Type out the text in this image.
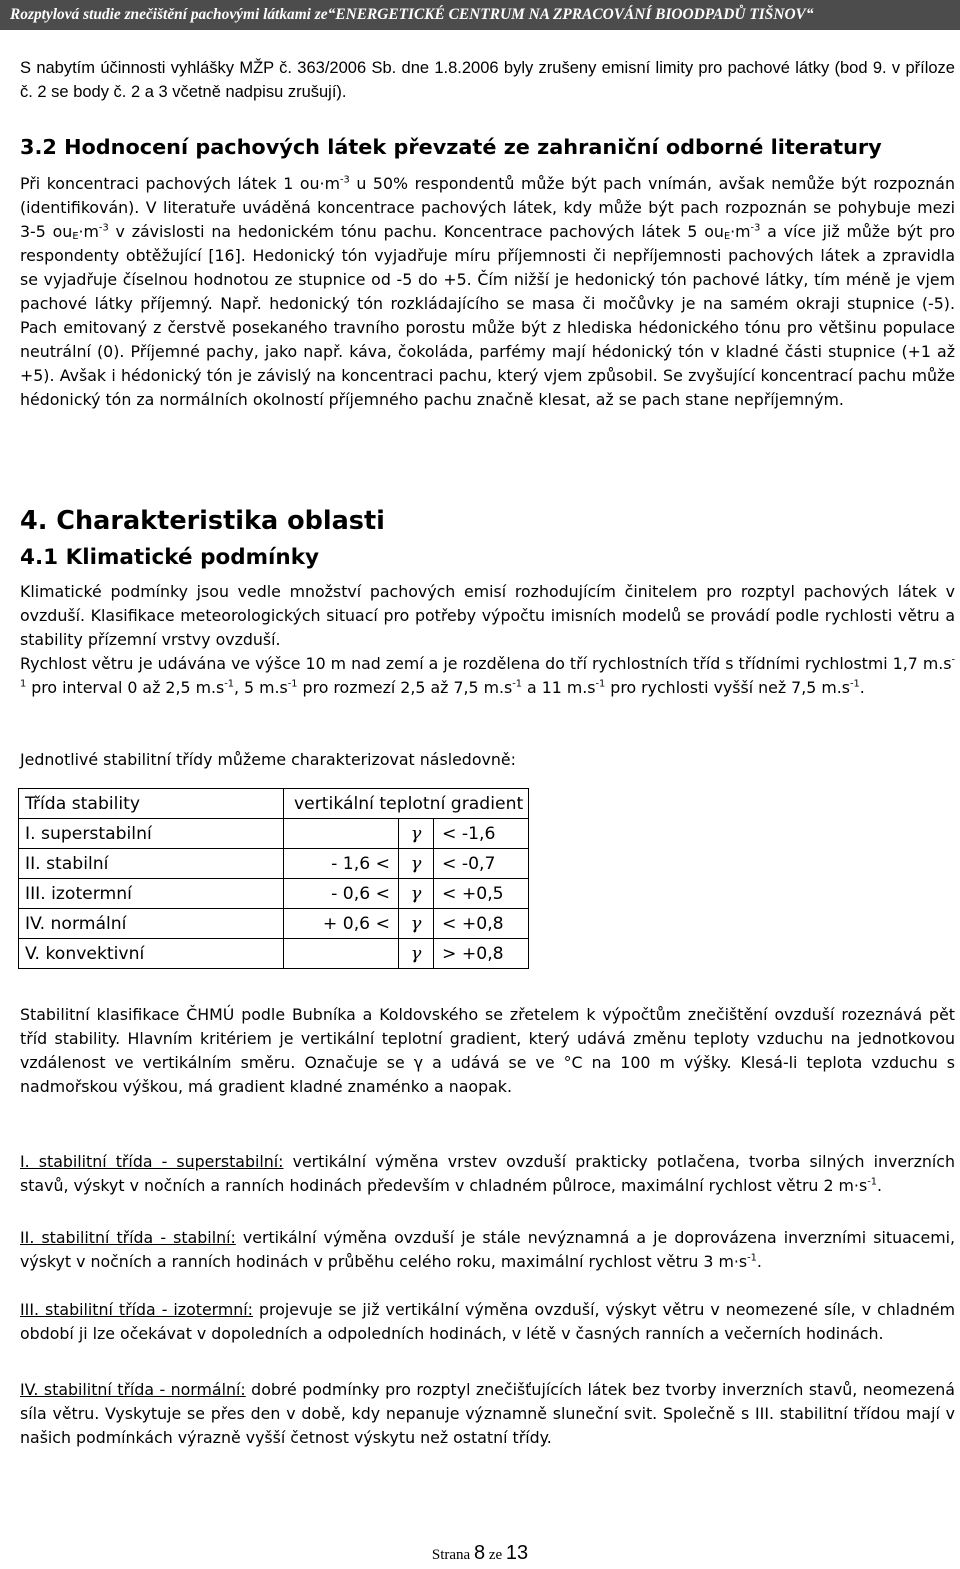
Rozptylová studie znečištění pachovými látkami ze“ENERGETICKÉ CENTRUM NA ZPRACOVÁNÍ BIOODPADŮ TIŠNOV“

S nabytím účinnosti vyhlášky MŽP č. 363/2006 Sb. dne 1.8.2006 byly zrušeny emisní limity pro pachové látky (bod 9. v příloze č. 2 se body č. 2 a 3 včetně nadpisu zrušují).

3.2 Hodnocení pachových látek převzaté ze zahraniční odborné literatury

Při koncentraci pachových látek 1 $ou\cdot m^{-3}$ u 50% respondentů může být pach vnímán, avšak nemůže být rozpoznán (identifikován). V literatuře uváděná koncentrace pachových látek, kdy může být pach rozpoznán se pohybuje mezi 3-5 $ou_E\cdot m^{-3}$ v závislosti na hedonickém tónu pachu. Koncentrace pachových látek 5 $ou_E\cdot m^{-3}$ a více již může být pro respondenty obtěžující [16]. Hedonický tón vyjadřuje míru příjemnosti či nepříjemnosti pachových látek a zpravidla se vyjadřuje číselnou hodnotou ze stupnice od -5 do +5. Čím nižší je hedonický tón pachové látky, tím méně je vjem pachové látky příjemný. Např. hedonický tón rozkládajícího se masa či močůvky je na samém okraji stupnice (-5). Pach emitovaný z čerstvě posekaného travního porostu může být z hlediska hédonického tónu pro většinu populace neutrální (0). Příjemné pachy, jako např. káva, čokoláda, parfémy mají hédonický tón v kladné části stupnice (+1 až +5). Avšak i hédonický tón je závislý na koncentraci pachu, který vjem způsobil. Se zvyšující koncentrací pachu může hédonický tón za normálních okolností příjemného pachu značně klesat, až se pach stane nepříjemným.

4. Charakteristika oblasti
4.1 Klimatické podmínky

Klimatické podmínky jsou vedle množství pachových emisí rozhodujícím činitelem pro rozptyl pachových látek v ovzduší. Klasifikace meteorologických situací pro potřeby výpočtu imisních modelů se provádí podle rychlosti větru a stability přízemní vrstvy ovzduší.

Rychlost větru je udávána ve výšce 10 m nad zemí a je rozdělena do tří rychlostních tříd s třídními rychlostmi 1,7 $m.s^{-1}$ pro interval 0 až 2,5 $m.s^{-1}$, 5 $m.s^{-1}$ pro rozmezí 2,5 až 7,5 $m.s^{-1}$ a 11 $m.s^{-1}$ pro rychlosti vyšší než 7,5 $m.s^{-1}$.

Jednotlivé stabilitní třídy můžeme charakterizovat následovně:

Třída stability	vertikální teplotní gradient		
I. superstabilní		γ	< -1,6
II. stabilní	- 1,6 <	γ	< -0,7
III. izotermní	- 0,6 <	γ	< +0,5
IV. normální	+ 0,6 <	γ	< +0,8
V. konvektivní		γ	> +0,8

Stabilitní klasifikace ČHMÚ podle Bubníka a Koldovského se zřetelem k výpočtům znečištění ovzduší rozeznává pět tříd stability. Hlavním kritériem je vertikální teplotní gradient, který udává změnu teploty vzduchu na jednotkovou vzdálenost ve vertikálním směru. Označuje se γ a udává se ve °C na 100 m výšky. Klesá-li teplota vzduchu s nadmořskou výškou, má gradient kladné znaménko a naopak.

I. stabilitní třída - superstabilní: vertikální výměna vrstev ovzduší prakticky potlačena, tvorba silných inverzních stavů, výskyt v nočních a ranních hodinách především v chladném půlroce, maximální rychlost větru 2 $m\cdot s^{-1}$.

II. stabilitní třída - stabilní: vertikální výměna ovzduší je stále nevýznamná a je doprovázena inverzními situacemi, výskyt v nočních a ranních hodinách v průběhu celého roku, maximální rychlost větru 3 $m\cdot s^{-1}$.

III. stabilitní třída - izotermní: projevuje se již vertikální výměna ovzduší, výskyt větru v neomezené síle, v chladném období ji lze očekávat v dopoledních a odpoledních hodinách, v létě v časných ranních a večerních hodinách.

IV. stabilitní třída - normální: dobré podmínky pro rozptyl znečišťujících látek bez tvorby inverzních stavů, neomezená síla větru. Vyskytuje se přes den v době, kdy nepanuje významně sluneční svit. Společně s III. stabilitní třídou mají v našich podmínkách výrazně vyšší četnost výskytu než ostatní třídy.

Strana 8 ze 13
